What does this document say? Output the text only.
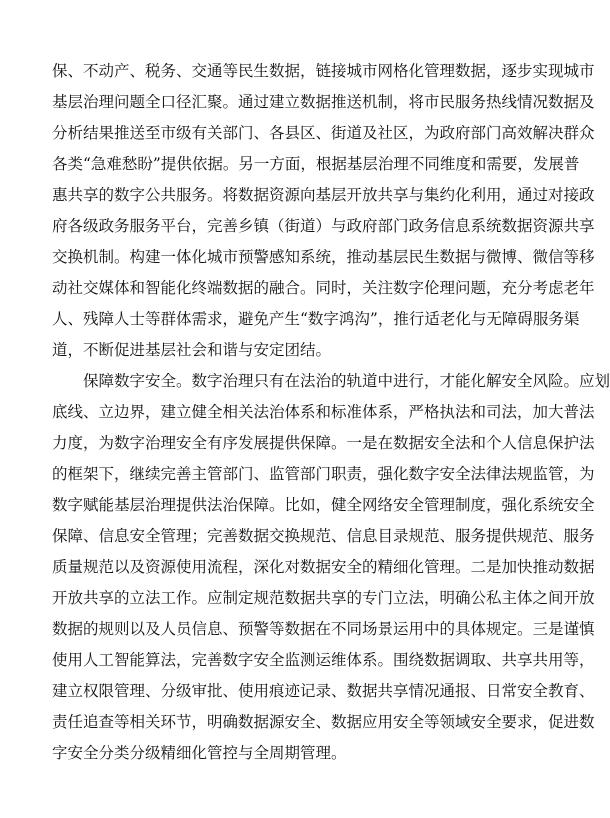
保、不动产、税务、交通等民生数据，链接城市网格化管理数据，逐步实现城市
基层治理问题全口径汇聚。通过建立数据推送机制，将市民服务热线情况数据及
分析结果推送至市级有关部门、各县区、街道及社区，为政府部门高效解决群众
各类“急难愁盼”提供依据。另一方面，根据基层治理不同维度和需要，发展普
惠共享的数字公共服务。将数据资源向基层开放共享与集约化利用，通过对接政
府各级政务服务平台，完善乡镇（街道）与政府部门政务信息系统数据资源共享
交换机制。构建一体化城市预警感知系统，推动基层民生数据与微博、微信等移
动社交媒体和智能化终端数据的融合。同时，关注数字伦理问题，充分考虑老年
人、残障人士等群体需求，避免产生“数字鸿沟”，推行适老化与无障碍服务渠
道，不断促进基层社会和谐与安定团结。
保障数字安全。数字治理只有在法治的轨道中进行，才能化解安全风险。应划
底线、立边界，建立健全相关法治体系和标准体系，严格执法和司法，加大普法
力度，为数字治理安全有序发展提供保障。一是在数据安全法和个人信息保护法
的框架下，继续完善主管部门、监管部门职责，强化数字安全法律法规监管，为
数字赋能基层治理提供法治保障。比如，健全网络安全管理制度，强化系统安全
保障、信息安全管理；完善数据交换规范、信息目录规范、服务提供规范、服务
质量规范以及资源使用流程，深化对数据安全的精细化管理。二是加快推动数据
开放共享的立法工作。应制定规范数据共享的专门立法，明确公私主体之间开放
数据的规则以及人员信息、预警等数据在不同场景运用中的具体规定。三是谨慎
使用人工智能算法，完善数字安全监测运维体系。围绕数据调取、共享共用等，
建立权限管理、分级审批、使用痕迹记录、数据共享情况通报、日常安全教育、
责任追查等相关环节，明确数据源安全、数据应用安全等领域安全要求，促进数
字安全分类分级精细化管控与全周期管理。
